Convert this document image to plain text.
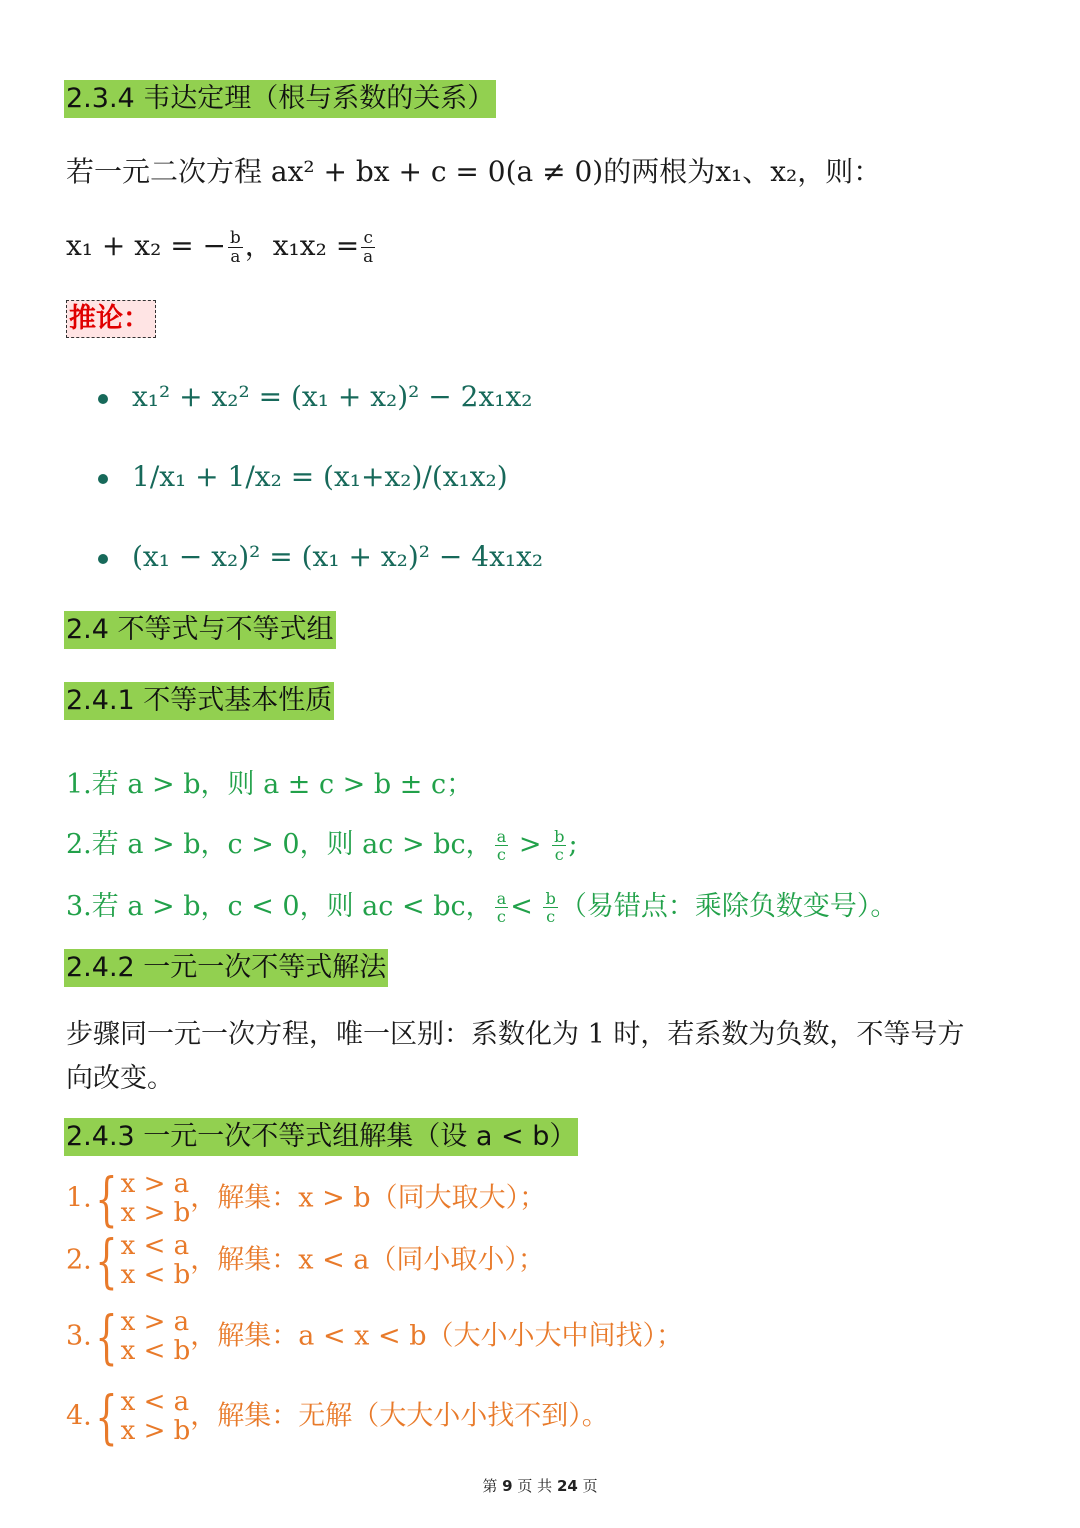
2.3.4 韦达定理（根与系数的关系）
若一元二次方程 ax² + bx + c = 0(a ≠ 0)的两根为x₁、x₂，则：
x₁ + x₂ = − $\frac{b}{a}$ ，$x_1x_2 = \frac{c}{a}$
推论：
x₁² + x₂² = (x₁ + x₂)² − 2x₁x₂
1/x₁ + 1/x₂ = (x₁+x₂)/(x₁x₂)
(x₁ − x₂)² = (x₁ + x₂)² − 4x₁x₂
2.4 不等式与不等式组
2.4.1 不等式基本性质
1.若 a > b，则 a ± c > b ± c；
2.若 a > b，c > 0，则 ac > bc， $\frac{a}{c} > \frac{b}{c}$ ;
3.若 a > b，c < 0，则 ac < bc， $\frac{a}{c} < \frac{b}{c}$ （易错点：乘除负数变号）。
2.4.2 一元一次不等式解法
步骤同一元一次方程，唯一区别：系数化为 1 时，若系数为负数，不等号方
向改变。
2.4.3 一元一次不等式组解集（设 a < b）
1. { x > a
x > b ，解集：x > b（同大取大）；
2. { x < a
x < b ，解集：x < a（同小取小）；
3. { x > a
x < b ，解集：a < x < b（大小小大中间找）；
4. { x < a
x > b ，解集：无解（大大小小找不到）。
第 9 页 共 24 页
